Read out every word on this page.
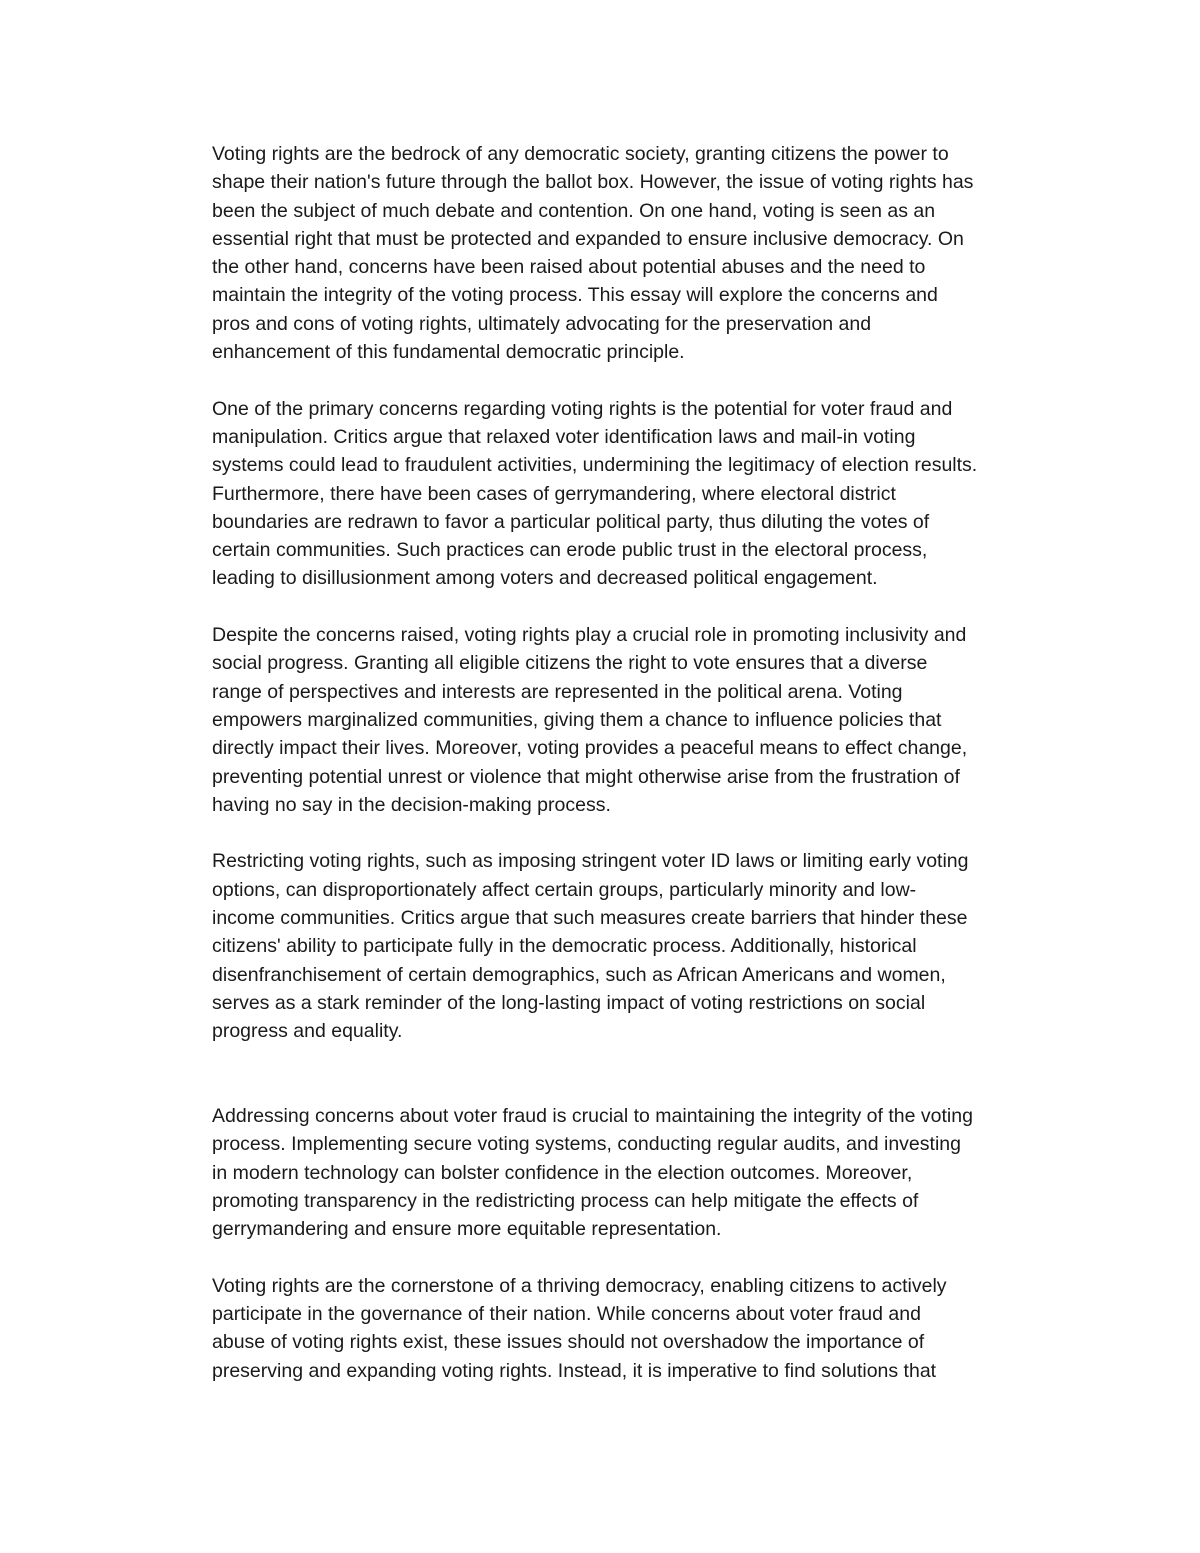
Voting rights are the bedrock of any democratic society, granting citizens the power to
shape their nation's future through the ballot box. However, the issue of voting rights has
been the subject of much debate and contention. On one hand, voting is seen as an
essential right that must be protected and expanded to ensure inclusive democracy. On
the other hand, concerns have been raised about potential abuses and the need to
maintain the integrity of the voting process. This essay will explore the concerns and
pros and cons of voting rights, ultimately advocating for the preservation and
enhancement of this fundamental democratic principle.

One of the primary concerns regarding voting rights is the potential for voter fraud and
manipulation. Critics argue that relaxed voter identification laws and mail-in voting
systems could lead to fraudulent activities, undermining the legitimacy of election results.
Furthermore, there have been cases of gerrymandering, where electoral district
boundaries are redrawn to favor a particular political party, thus diluting the votes of
certain communities. Such practices can erode public trust in the electoral process,
leading to disillusionment among voters and decreased political engagement.

Despite the concerns raised, voting rights play a crucial role in promoting inclusivity and
social progress. Granting all eligible citizens the right to vote ensures that a diverse
range of perspectives and interests are represented in the political arena. Voting
empowers marginalized communities, giving them a chance to influence policies that
directly impact their lives. Moreover, voting provides a peaceful means to effect change,
preventing potential unrest or violence that might otherwise arise from the frustration of
having no say in the decision-making process.

Restricting voting rights, such as imposing stringent voter ID laws or limiting early voting
options, can disproportionately affect certain groups, particularly minority and low-
income communities. Critics argue that such measures create barriers that hinder these
citizens' ability to participate fully in the democratic process. Additionally, historical
disenfranchisement of certain demographics, such as African Americans and women,
serves as a stark reminder of the long-lasting impact of voting restrictions on social
progress and equality.

Addressing concerns about voter fraud is crucial to maintaining the integrity of the voting
process. Implementing secure voting systems, conducting regular audits, and investing
in modern technology can bolster confidence in the election outcomes. Moreover,
promoting transparency in the redistricting process can help mitigate the effects of
gerrymandering and ensure more equitable representation.

Voting rights are the cornerstone of a thriving democracy, enabling citizens to actively
participate in the governance of their nation. While concerns about voter fraud and
abuse of voting rights exist, these issues should not overshadow the importance of
preserving and expanding voting rights. Instead, it is imperative to find solutions that
